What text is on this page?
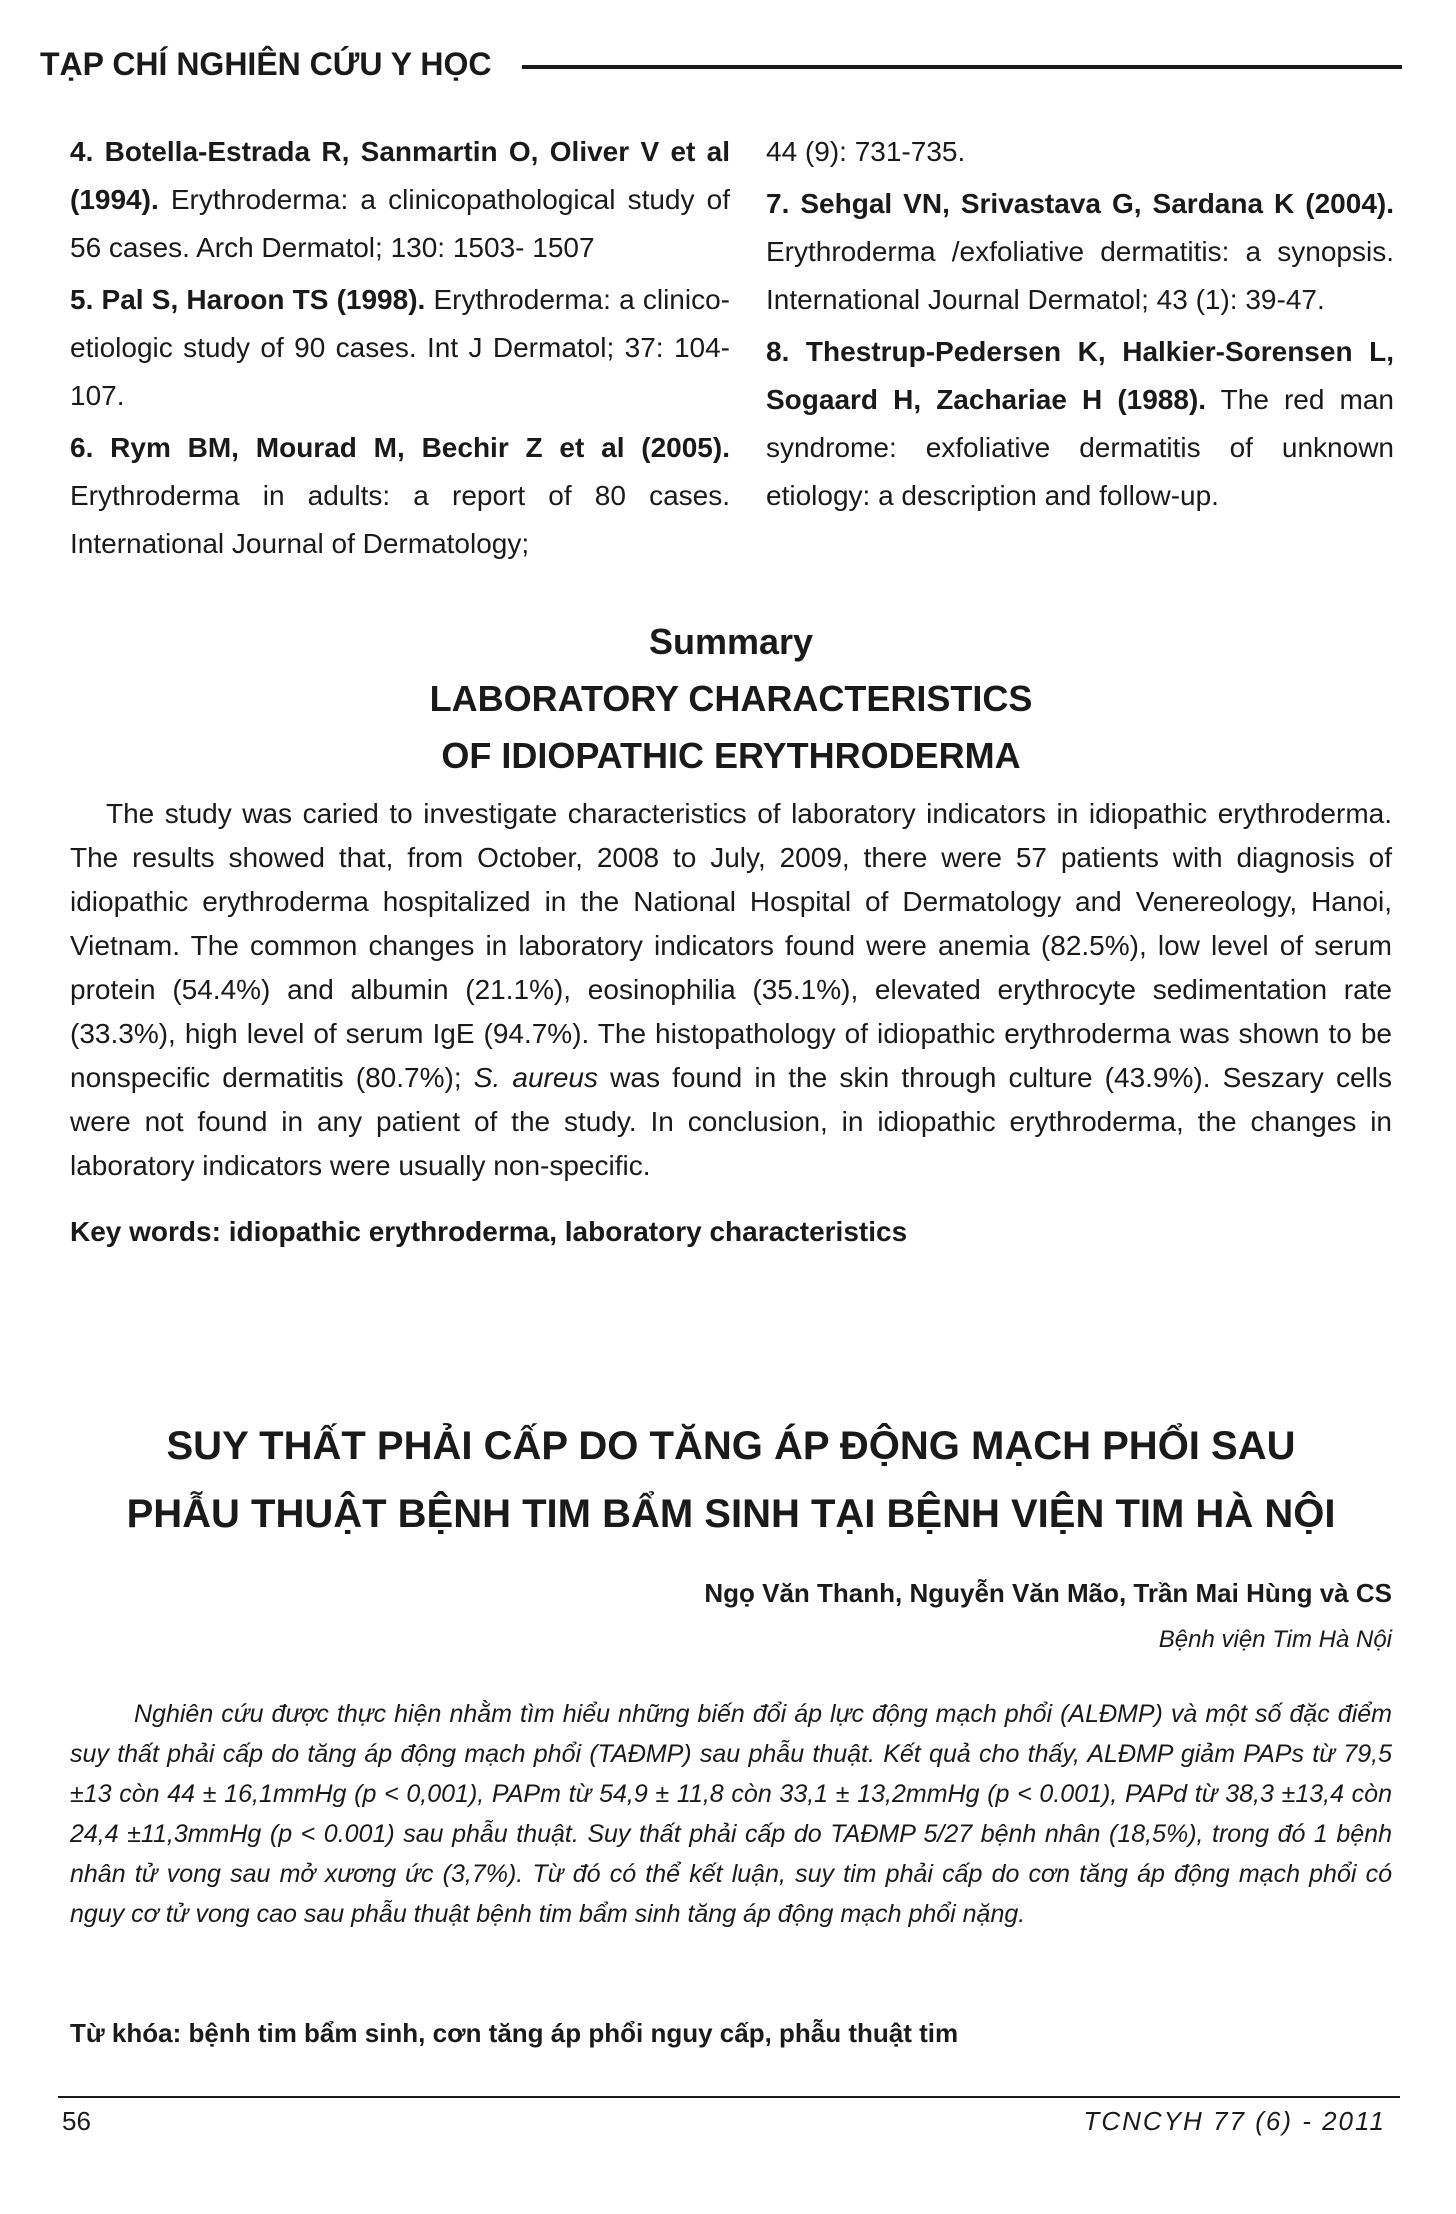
TẠP CHÍ NGHIÊN CỨU Y HỌC

4. Botella-Estrada R, Sanmartin O, Oliver V et al (1994). Erythroderma: a clinicopathological study of 56 cases. Arch Dermatol; 130: 1503- 1507

5. Pal S, Haroon TS (1998). Erythroderma: a clinico-etiologic study of 90 cases. Int J Dermatol; 37: 104-107.

6. Rym BM, Mourad M, Bechir Z et al (2005). Erythroderma in adults: a report of 80 cases. International Journal of Dermatology;

44 (9): 731-735.

7. Sehgal VN, Srivastava G, Sardana K (2004). Erythroderma /exfoliative dermatitis: a synopsis. International Journal Dermatol; 43 (1): 39-47.

8. Thestrup-Pedersen K, Halkier-Sorensen L, Sogaard H, Zachariae H (1988). The red man syndrome: exfoliative dermatitis of unknown etiology: a description and follow-up.

Summary
LABORATORY CHARACTERISTICS
OF IDIOPATHIC ERYTHRODERMA

The study was caried to investigate characteristics of laboratory indicators in idiopathic erythroderma. The results showed that, from October, 2008 to July, 2009, there were 57 patients with diagnosis of idiopathic erythroderma hospitalized in the National Hospital of Dermatology and Venereology, Hanoi, Vietnam. The common changes in laboratory indicators found were anemia (82.5%), low level of serum protein (54.4%) and albumin (21.1%), eosinophilia (35.1%), elevated erythrocyte sedimentation rate (33.3%), high level of serum IgE (94.7%). The histopathology of idiopathic erythroderma was shown to be nonspecific dermatitis (80.7%); S. aureus was found in the skin through culture (43.9%). Seszary cells were not found in any patient of the study. In conclusion, in idiopathic erythroderma, the changes in laboratory indicators were usually non-specific.

Key words: idiopathic erythroderma, laboratory characteristics
SUY THẤT PHẢI CẤP DO TĂNG ÁP ĐỘNG MẠCH PHỔI SAU
PHẪU THUẬT BỆNH TIM BẨM SINH TẠI BỆNH VIỆN TIM HÀ NỘI
Ngọ Văn Thanh, Nguyễn Văn Mão, Trần Mai Hùng và CS
Bệnh viện Tim Hà Nội

Nghiên cứu được thực hiện nhằm tìm hiểu những biến đổi áp lực động mạch phổi (ALĐMP) và một số đặc điểm suy thất phải cấp do tăng áp động mạch phổi (TAĐMP) sau phẫu thuật. Kết quả cho thấy, ALĐMP giảm PAPs từ 79,5 ±13 còn 44 ± 16,1mmHg (p < 0,001), PAPm từ 54,9 ± 11,8 còn 33,1 ± 13,2mmHg (p < 0.001), PAPd từ 38,3 ±13,4 còn 24,4 ±11,3mmHg (p < 0.001) sau phẫu thuật. Suy thất phải cấp do TAĐMP 5/27 bệnh nhân (18,5%), trong đó 1 bệnh nhân tử vong sau mở xương ức (3,7%). Từ đó có thể kết luận, suy tim phải cấp do cơn tăng áp động mạch phổi có nguy cơ tử vong cao sau phẫu thuật bệnh tim bẩm sinh tăng áp động mạch phổi nặng.

Từ khóa: bệnh tim bẩm sinh, cơn tăng áp phổi nguy cấp, phẫu thuật tim
56	TCNCYH 77 (6) - 2011
